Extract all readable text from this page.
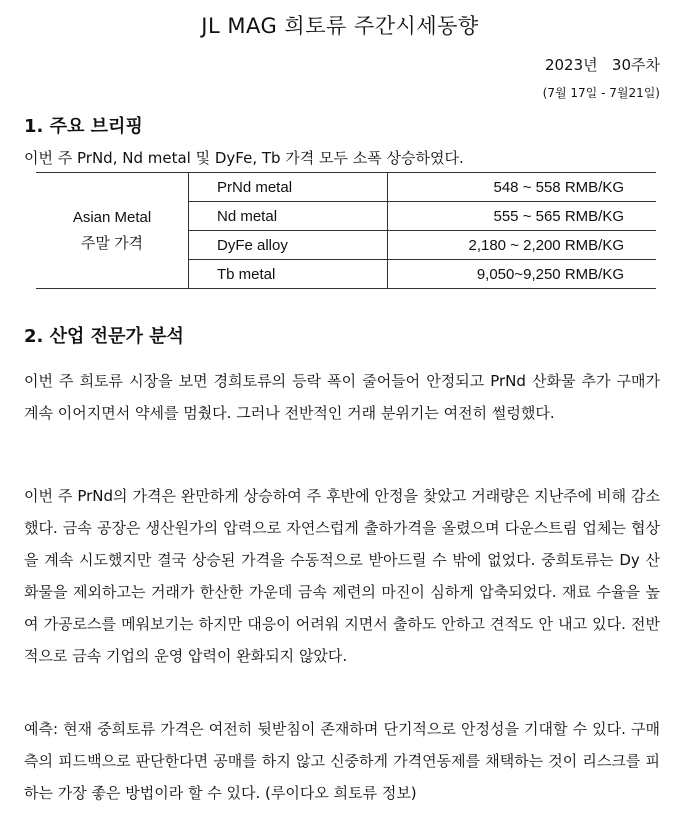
JL MAG 희토류 주간시세동향
2023년   30주차
(7월 17일 - 7월21일)
1. 주요 브리핑
이번 주 PrNd, Nd metal 및 DyFe, Tb 가격 모두 소폭 상승하였다.
Asian Metal
주말 가격	PrNd metal	548 ~ 558 RMB/KG
	Nd metal	555 ~ 565 RMB/KG
	DyFe alloy	2,180 ~ 2,200 RMB/KG
	Tb metal	9,050~9,250 RMB/KG
2. 산업 전문가 분석
이번 주 희토류 시장을 보면 경희토류의 등락 폭이 줄어들어 안정되고 PrNd 산화물 추가 구매가 계속 이어지면서 약세를 멈췄다. 그러나 전반적인 거래 분위기는 여전히 썰렁했다.
이번 주 PrNd의 가격은 완만하게 상승하여 주 후반에 안정을 찾았고 거래량은 지난주에 비해 감소했다. 금속 공장은 생산원가의 압력으로 자연스럽게 출하가격을 올렸으며 다운스트림 업체는 협상을 계속 시도했지만 결국 상승된 가격을 수동적으로 받아드릴 수 밖에 없었다. 중희토류는 Dy 산화물을 제외하고는 거래가 한산한 가운데 금속 제련의 마진이 심하게 압축되었다. 재료 수율을 높여 가공로스를 메워보기는 하지만 대응이 어려워 지면서 출하도 안하고 견적도 안 내고 있다. 전반적으로 금속 기업의 운영 압력이 완화되지 않았다.
예측: 현재 중희토류 가격은 여전히 뒷받침이 존재하며 단기적으로 안정성을 기대할 수 있다. 구매 측의 피드백으로 판단한다면 공매를 하지 않고 신중하게 가격연동제를 채택하는 것이 리스크를 피하는 가장 좋은 방법이라 할 수 있다. (루이다오 희토류 정보)
